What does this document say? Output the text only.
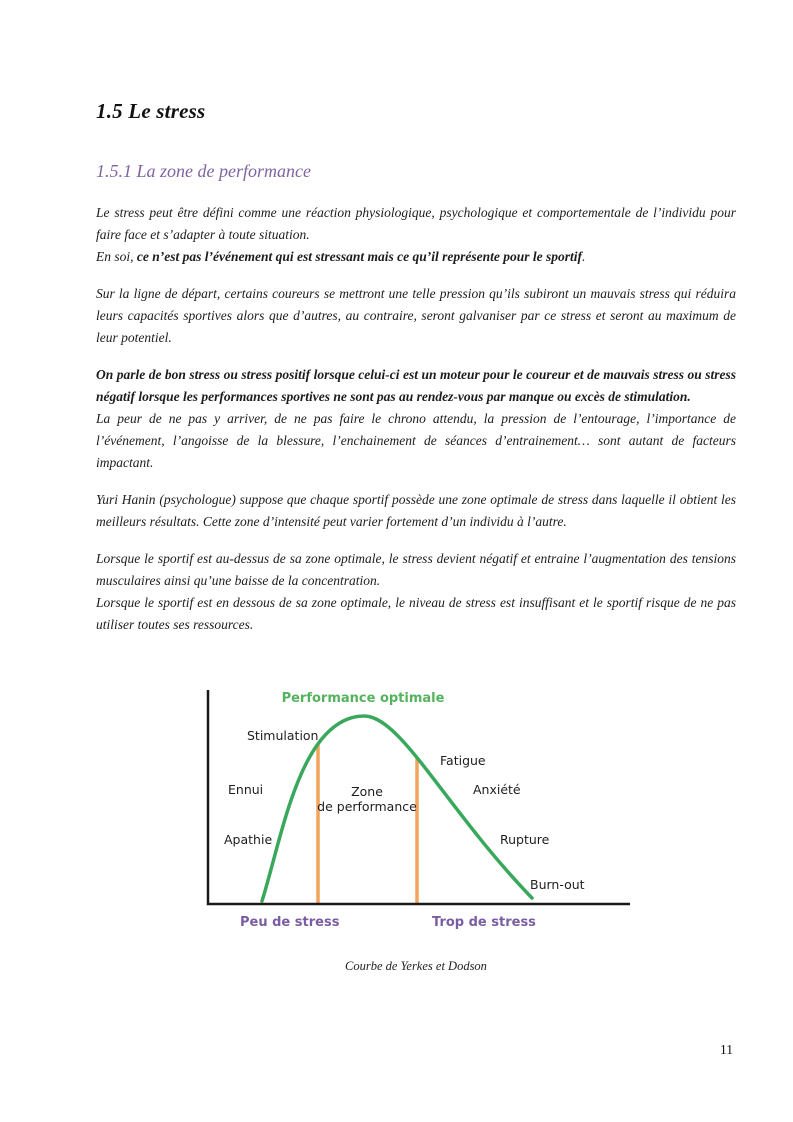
1.5 Le stress
1.5.1 La zone de performance

Le stress peut être défini comme une réaction physiologique, psychologique et comportementale de l’individu pour faire face et s’adapter à toute situation.

En soi, ce n’est pas l’événement qui est stressant mais ce qu’il représente pour le sportif.

Sur la ligne de départ, certains coureurs se mettront une telle pression qu’ils subiront un mauvais stress qui réduira leurs capacités sportives alors que d’autres, au contraire, seront galvaniser par ce stress et seront au maximum de leur potentiel.

On parle de bon stress ou stress positif lorsque celui-ci est un moteur pour le coureur et de mauvais stress ou stress négatif lorsque les performances sportives ne sont pas au rendez-vous par manque ou excès de stimulation.

La peur de ne pas y arriver, de ne pas faire le chrono attendu, la pression de l’entourage, l’importance de l’événement, l’angoisse de la blessure, l’enchainement de séances d’entrainement… sont autant de facteurs impactant.

Yuri Hanin (psychologue) suppose que chaque sportif possède une zone optimale de stress dans laquelle il obtient les meilleurs résultats. Cette zone d’intensité peut varier fortement d’un individu à l’autre.

Lorsque le sportif est au-dessus de sa zone optimale, le stress devient négatif et entraine l’augmentation des tensions musculaires ainsi qu’une baisse de la concentration.

Lorsque le sportif est en dessous de sa zone optimale, le niveau de stress est insuffisant et le sportif risque de ne pas utiliser toutes ses ressources.

Performance optimale
Stimulation
Fatigue
Ennui	Anxiété
Zone
de performance
Apathie	Rupture
Burn-out
Peu de stress	Trop de stress
Courbe de Yerkes et Dodson
11
